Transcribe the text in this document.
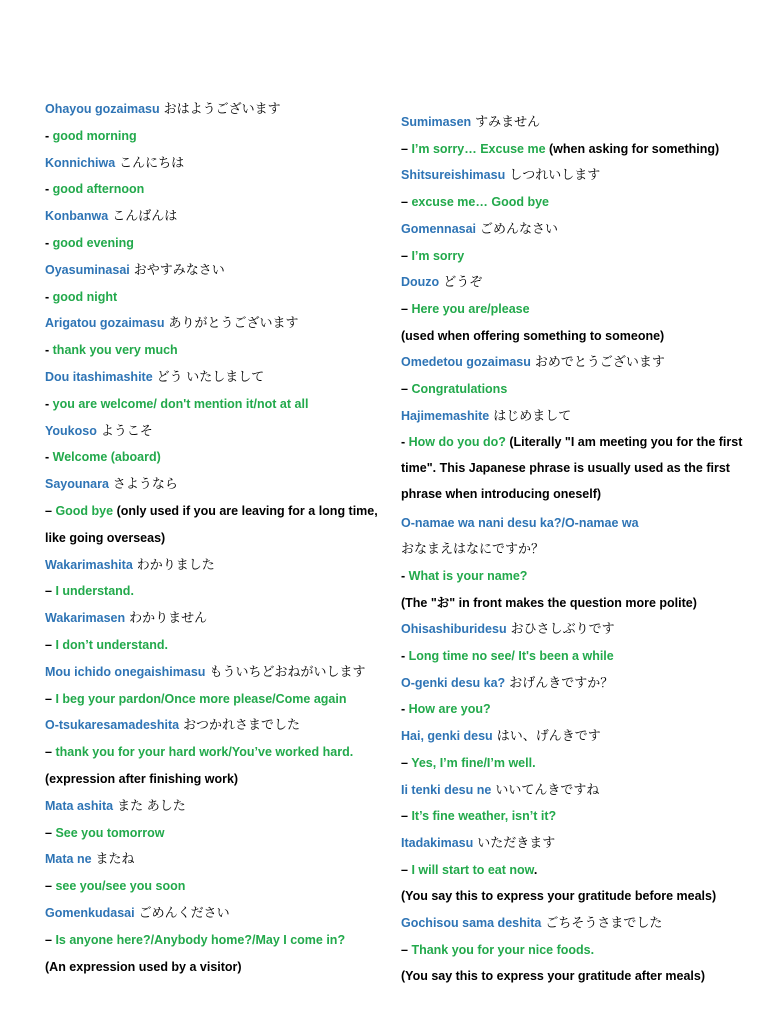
Ohayou gozaimasu おはようございます
- good morning
Konnichiwa こんにちは
- good afternoon
Konbanwa こんばんは
- good evening
Oyasuminasai おやすみなさい
- good night
Arigatou gozaimasu ありがとうございます
- thank you very much
Dou itashimashite どう いたしまして
- you are welcome/ don't mention it/not at all
Youkoso ようこそ
- Welcome (aboard)
Sayounara さようなら
– Good bye (only used if you are leaving for a long time,
like going overseas)
Wakarimashita わかりました
– I understand.
Wakarimasen わかりません
– I don’t understand.
Mou ichido onegaishimasu もういちどおねがいします
– I beg your pardon/Once more please/Come again
O-tsukaresamadeshita おつかれさまでした
– thank you for your hard work/You’ve worked hard.
(expression after finishing work)
Mata ashita また あした
– See you tomorrow
Mata ne またね
– see you/see you soon
Gomenkudasai ごめんください
– Is anyone here?/Anybody home?/May I come in?
(An expression used by a visitor)
Sumimasen すみません
– I’m sorry… Excuse me (when asking for something)
Shitsureishimasu しつれいします
– excuse me… Good bye
Gomennasai ごめんなさい
– I’m sorry
Douzo どうぞ
– Here you are/please
(used when offering something to someone)
Omedetou gozaimasu おめでとうございます
– Congratulations
Hajimemashite はじめまして
- How do you do? (Literally "I am meeting you for the first time". This Japanese phrase is usually used as the first phrase when introducing oneself)
O-namae wa nani desu ka?/O-namae wa
おなまえはなにですか？
- What is your name?
(The "お" in front makes the question more polite)
Ohisashiburidesu おひさしぶりです
- Long time no see/ It's been a while
O-genki desu ka? おげんきですか？
- How are you?
Hai, genki desu はい、げんきです
– Yes, I’m fine/I’m well.
Ii tenki desu ne いいてんきですね
– It’s fine weather, isn’t it?
Itadakimasu いただきます
– I will start to eat now.
(You say this to express your gratitude before meals)
Gochisou sama deshita ごちそうさまでした
– Thank you for your nice foods.
(You say this to express your gratitude after meals)
